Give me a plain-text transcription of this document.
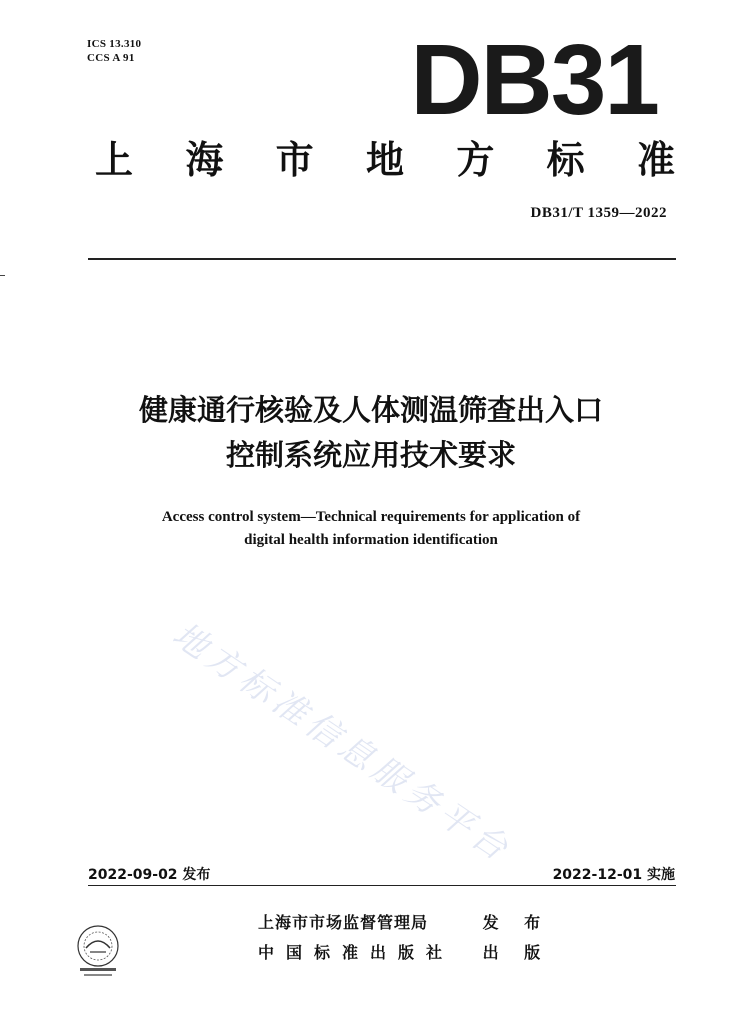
ICS 13.310
CCS A 91	DB31
上 海 市 地 方 标 准
DB31/T 1359—2022
健康通行核验及人体测温筛查出入口
控制系统应用技术要求
Access control system—Technical requirements for application of
digital health information identification
地方标准信息服务平台
2022-09-02 发布	2022-12-01 实施
上海市市场监督管理局	发 布
中国标准出版社 出 版
